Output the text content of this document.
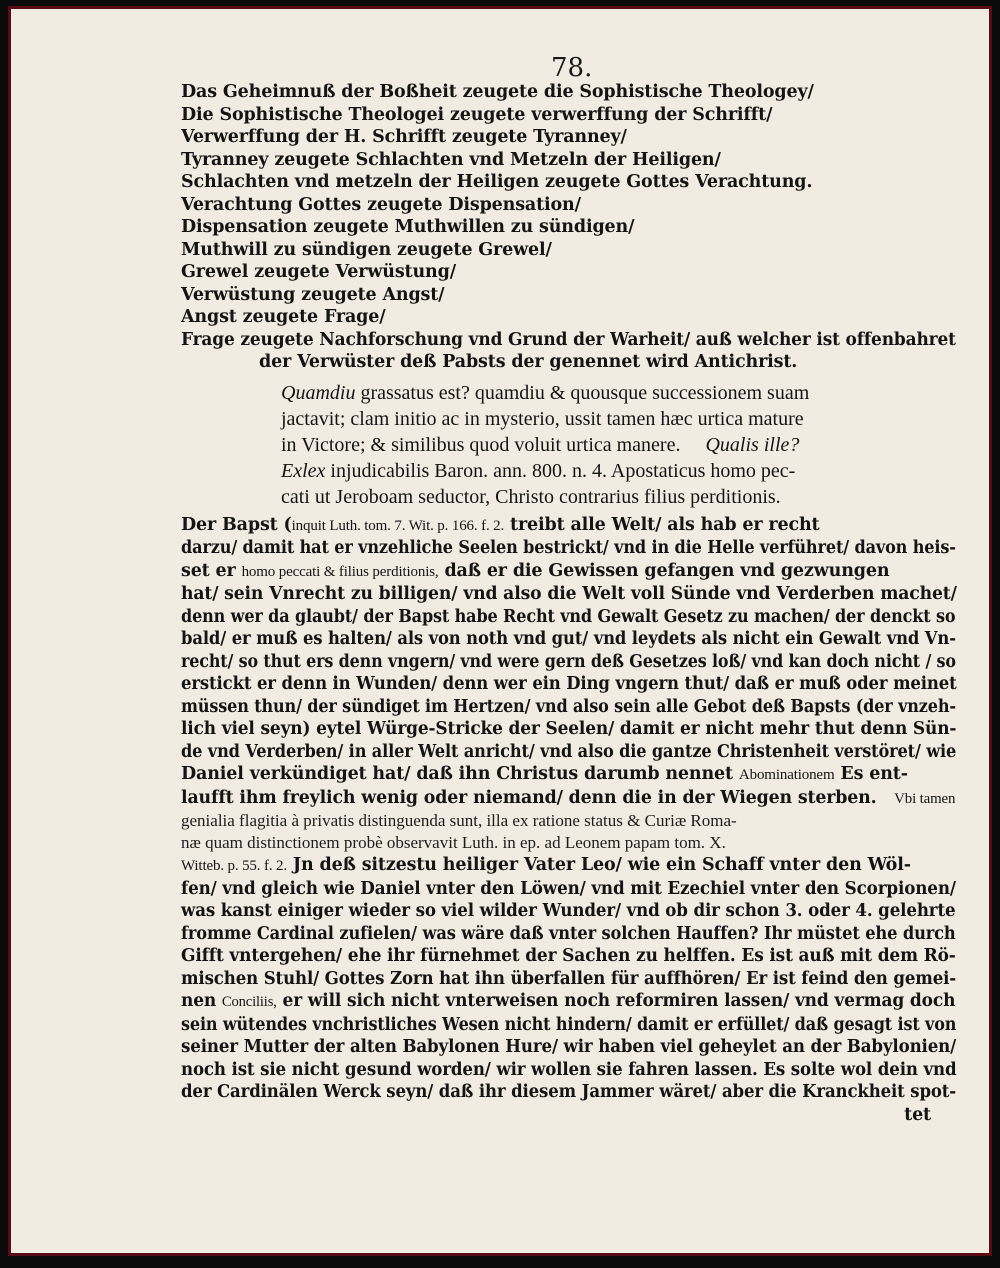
78.
Das Geheimnuß der Boßheit zeugete die Sophistische Theologey/
Die Sophistische Theologei zeugete verwerffung der Schrifft/
Verwerffung der H. Schrifft zeugete Tyranney/
Tyranney zeugete Schlachten vnd Metzeln der Heiligen/
Schlachten vnd metzeln der Heiligen zeugete Gottes Verachtung.
Verachtung Gottes zeugete Dispensation/
Dispensation zeugete Muthwillen zu sündigen/
Muthwill zu sündigen zeugete Grewel/
Grewel zeugete Verwüstung/
Verwüstung zeugete Angst/
Angst zeugete Frage/
Frage zeugete Nachforschung vnd Grund der Warheit/ auß welcher ist offenbahret
der Verwüster deß Pabsts der genennet wird Antichrist.
Quamdiu grassatus est? quamdiu & quousque successionem suam
jactavit; clam initio ac in mysterio, ussit tamen hæc urtica mature
in Victore; & similibus quod voluit urtica manere. Qualis ille?
Exlex injudicabilis Baron. ann. 800. n. 4. Apostaticus homo pec-
cati ut Jeroboam seductor, Christo contrarius filius perditionis.
Der Bapst (inquit Luth. tom. 7. Wit. p. 166. f. 2. treibt alle Welt/ als hab er recht
darzu/ damit hat er vnzehliche Seelen bestrickt/ vnd in die Helle verführet/ davon heis-
set er homo peccati & filius perditionis, daß er die Gewissen gefangen vnd gezwungen
hat/ sein Vnrecht zu billigen/ vnd also die Welt voll Sünde vnd Verderben machet/
denn wer da glaubt/ der Bapst habe Recht vnd Gewalt Gesetz zu machen/ der denckt so
bald/ er muß es halten/ als von noth vnd gut/ vnd leydets als nicht ein Gewalt vnd Vn-
recht/ so thut ers denn vngern/ vnd were gern deß Gesetzes loß/ vnd kan doch nicht / so
erstickt er denn in Wunden/ denn wer ein Ding vngern thut/ daß er muß oder meinet
müssen thun/ der sündiget im Hertzen/ vnd also sein alle Gebot deß Bapsts (der vnzeh-
lich viel seyn) eytel Würge-Stricke der Seelen/ damit er nicht mehr thut denn Sün-
de vnd Verderben/ in aller Welt anricht/ vnd also die gantze Christenheit verstöret/ wie
Daniel verkündiget hat/ daß ihn Christus darumb nennet Abominationem Es ent-
laufft ihm freylich wenig oder niemand/ denn die in der Wiegen sterben. Vbi tamen
genialia flagitia à privatis distinguenda sunt, illa ex ratione status & Curiæ Roma-
næ quam distinctionem probè observavit Luth. in ep. ad Leonem papam tom. X.
Witteb. p. 55. f. 2. Jn deß sitzestu heiliger Vater Leo/ wie ein Schaff vnter den Wöl-
fen/ vnd gleich wie Daniel vnter den Löwen/ vnd mit Ezechiel vnter den Scorpionen/
was kanst einiger wieder so viel wilder Wunder/ vnd ob dir schon 3. oder 4. gelehrte
fromme Cardinal zufielen/ was wäre daß vnter solchen Hauffen? Ihr müstet ehe durch
Gifft vntergehen/ ehe ihr fürnehmet der Sachen zu helffen. Es ist auß mit dem Rö-
mischen Stuhl/ Gottes Zorn hat ihn überfallen für auffhören/ Er ist feind den gemei-
nen Conciliis, er will sich nicht vnterweisen noch reformiren lassen/ vnd vermag doch
sein wütendes vnchristliches Wesen nicht hindern/ damit er erfüllet/ daß gesagt ist von
seiner Mutter der alten Babylonen Hure/ wir haben viel geheylet an der Babylonien/
noch ist sie nicht gesund worden/ wir wollen sie fahren lassen. Es solte wol dein vnd
der Cardinälen Werck seyn/ daß ihr diesem Jammer wäret/ aber die Kranckheit spot-
tet
